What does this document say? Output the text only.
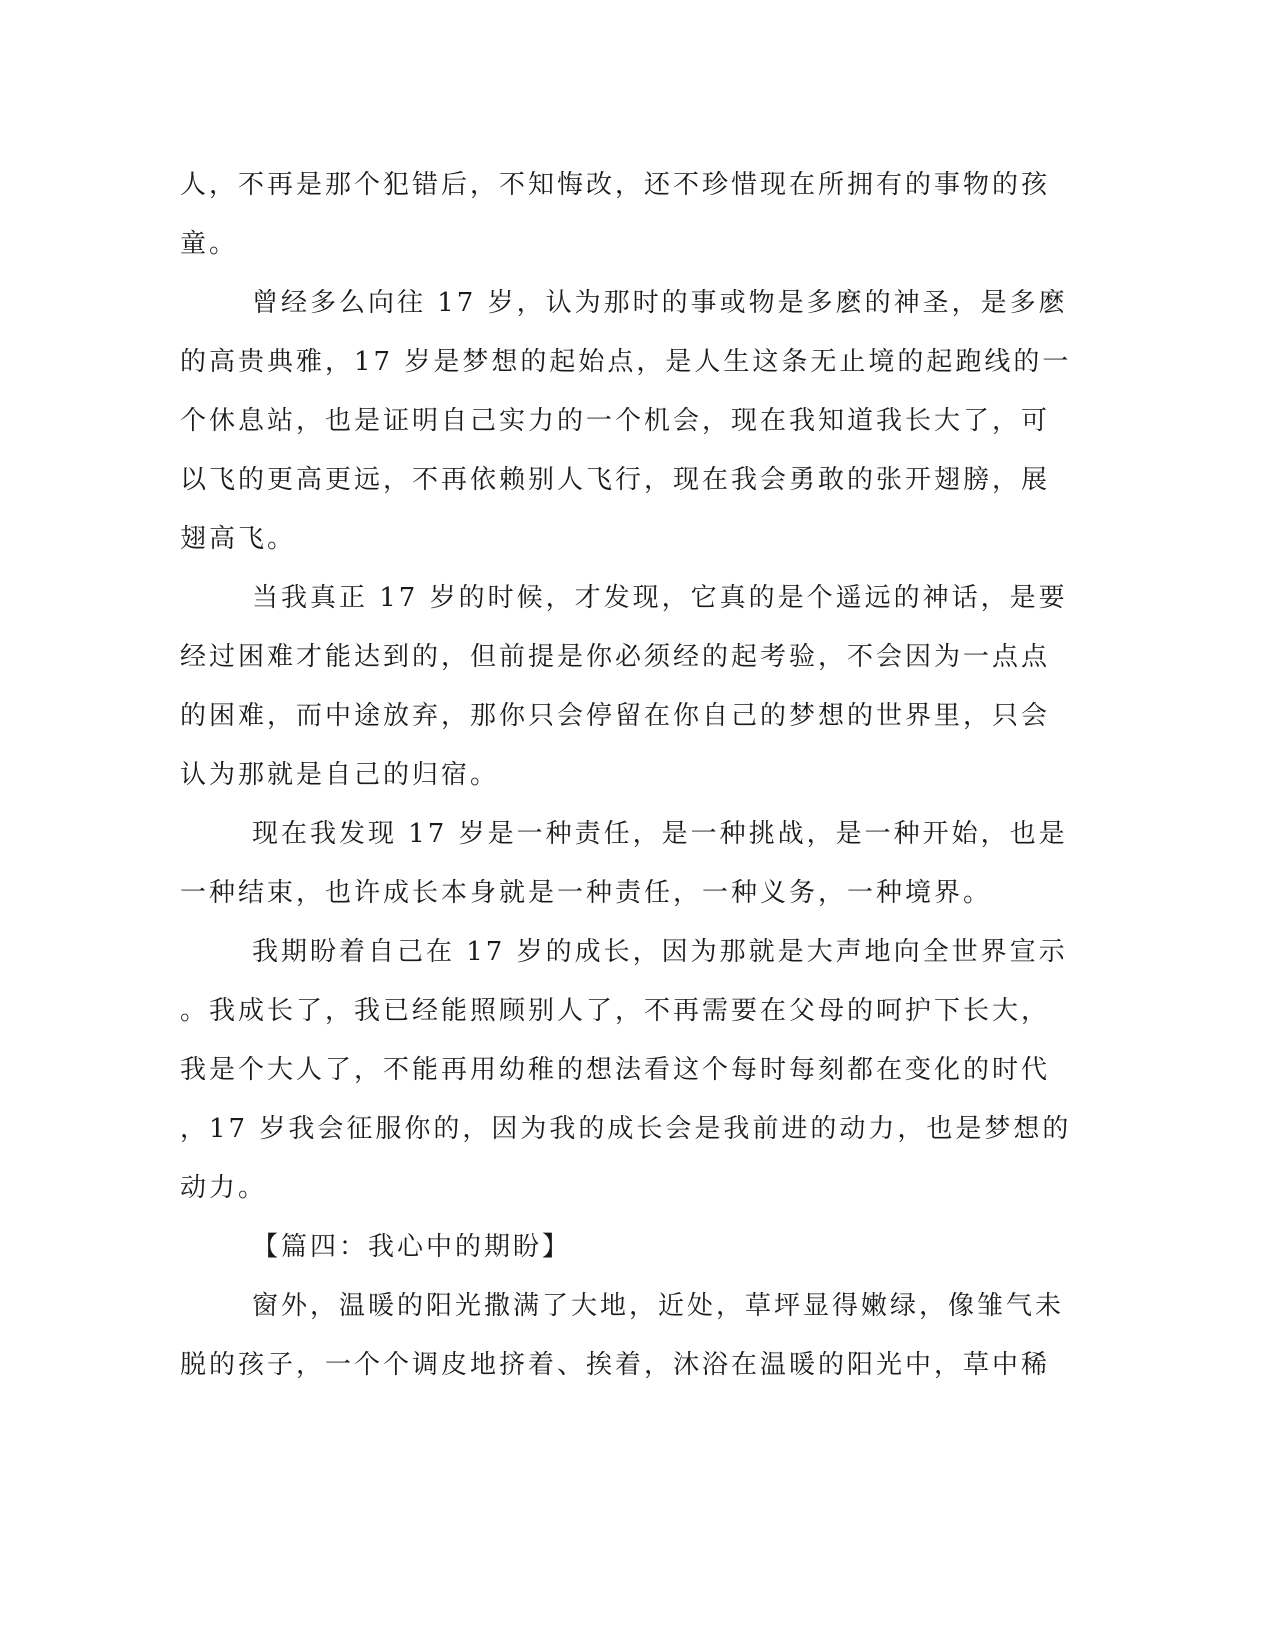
人，不再是那个犯错后，不知悔改，还不珍惜现在所拥有的事物的孩
童。
曾经多么向往 17 岁，认为那时的事或物是多麽的神圣，是多麽
的高贵典雅，17 岁是梦想的起始点，是人生这条无止境的起跑线的一
个休息站，也是证明自己实力的一个机会，现在我知道我长大了，可
以飞的更高更远，不再依赖别人飞行，现在我会勇敢的张开翅膀，展
翅高飞。
当我真正 17 岁的时候，才发现，它真的是个遥远的神话，是要
经过困难才能达到的，但前提是你必须经的起考验，不会因为一点点
的困难，而中途放弃，那你只会停留在你自己的梦想的世界里，只会
认为那就是自己的归宿。
现在我发现 17 岁是一种责任，是一种挑战，是一种开始，也是
一种结束，也许成长本身就是一种责任，一种义务，一种境界。
我期盼着自己在 17 岁的成长，因为那就是大声地向全世界宣示
。我成长了，我已经能照顾别人了，不再需要在父母的呵护下长大，
我是个大人了，不能再用幼稚的想法看这个每时每刻都在变化的时代
，17 岁我会征服你的，因为我的成长会是我前进的动力，也是梦想的
动力。
【篇四：我心中的期盼】
窗外，温暖的阳光撒满了大地，近处，草坪显得嫩绿，像雏气未
脱的孩子，一个个调皮地挤着、挨着，沐浴在温暖的阳光中，草中稀
